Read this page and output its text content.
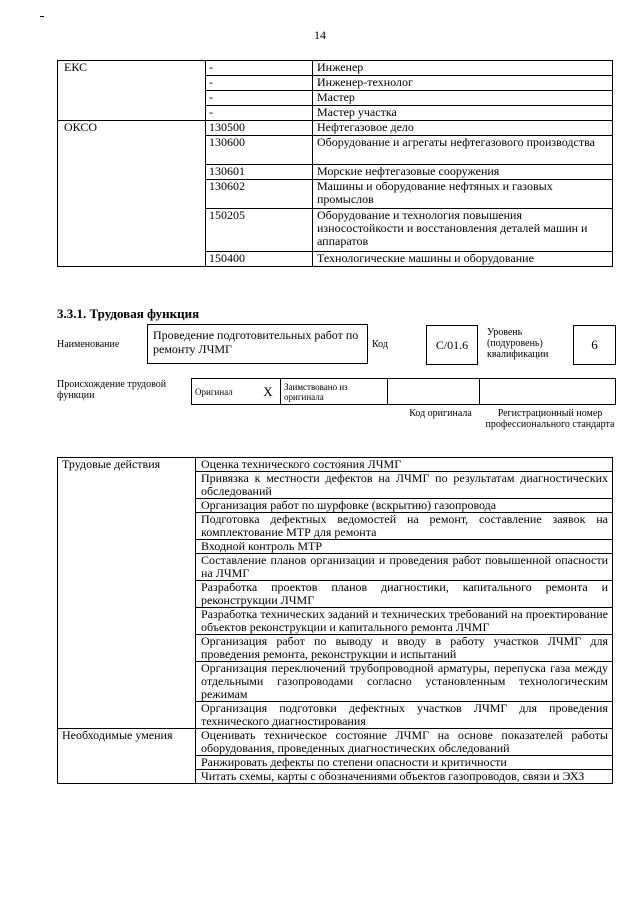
14
ЕКС	-	Инженер
	-	Инженер-технолог
	-	Мастер
	-	Мастер участка
ОКСО	130500	Нефтегазовое дело
	130600	Оборудование и агрегаты нефтегазового производства
	130601	Морские нефтегазовые сооружения
	130602	Машины и оборудование нефтяных и газовых промыслов
	150205	Оборудование и технология повышения износостойкости и восстановления деталей машин и аппаратов
	150400	Технологические машины и оборудование
3.3.1. Трудовая функция
Наименование
Проведение подготовительных работ по ремонту ЛЧМГ	Код	С/01.6
Уровень (подуровень) квалификации
6
Происхождение трудовой функции	Оригинал	X	Заимствовано из оригинала		
Код оригинала	Регистрационный номер профессионального стандарта
Трудовые действия	Оценка технического состояния ЛЧМГ
	Привязка к местности дефектов на ЛЧМГ по результатам диагностических обследований
	Организация работ по шурфовке (вскрытию) газопровода
	Подготовка дефектных ведомостей на ремонт, составление заявок на комплектование МТР для ремонта
	Входной контроль МТР
	Составление планов организации и проведения работ повышенной опасности на ЛЧМГ
	Разработка проектов планов диагностики, капитального ремонта и реконструкции ЛЧМГ
	Разработка технических заданий и технических требований на проектирование объектов реконструкции и капитального ремонта ЛЧМГ
	Организация работ по выводу и вводу в работу участков ЛЧМГ для проведения ремонта, реконструкции и испытаний
	Организация переключений трубопроводной арматуры, перепуска газа между отдельными газопроводами согласно установленным технологическим режимам
	Организация подготовки дефектных участков ЛЧМГ для проведения технического диагностирования
Необходимые умения	Оценивать техническое состояние ЛЧМГ на основе показателей работы оборудования, проведенных диагностических обследований
	Ранжировать дефекты по степени опасности и критичности
	Читать схемы, карты с обозначениями объектов газопроводов, связи и ЭХЗ
